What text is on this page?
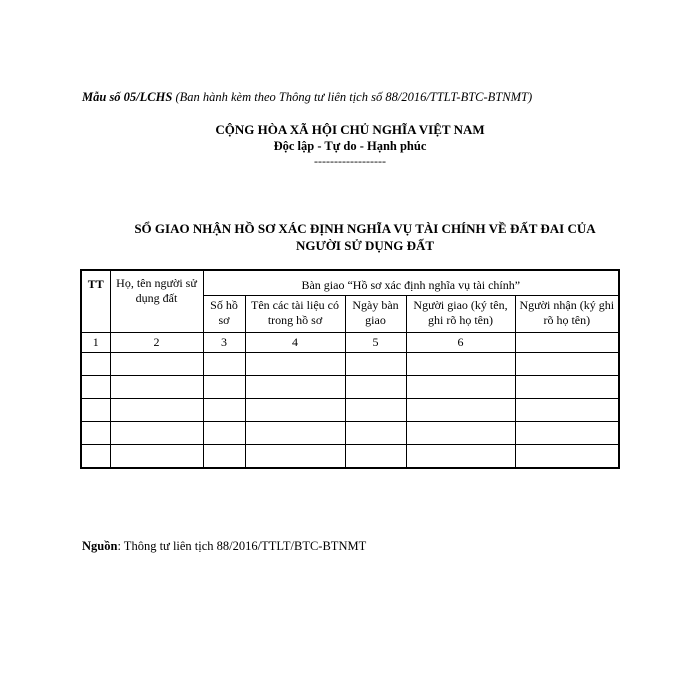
Mẫu số 05/LCHS (Ban hành kèm theo Thông tư liên tịch số 88/2016/TTLT-BTC-BTNMT)
CỘNG HÒA XÃ HỘI CHỦ NGHĨA VIỆT NAM
Độc lập - Tự do - Hạnh phúc
------------------
SỔ GIAO NHẬN HỒ SƠ XÁC ĐỊNH NGHĨA VỤ TÀI CHÍNH VỀ ĐẤT ĐAI CỦA
NGƯỜI SỬ DỤNG ĐẤT
TT	Họ, tên người sử dụng đất	Bàn giao “Hồ sơ xác định nghĩa vụ tài chính”				
		Số hồ sơ	Tên các tài liệu có trong hồ sơ	Ngày bàn giao	Người giao (ký tên, ghi rõ họ tên)	Người nhận (ký ghi rõ họ tên)
1	2	3	4	5	6	

Nguồn: Thông tư liên tịch 88/2016/TTLT/BTC-BTNMT
